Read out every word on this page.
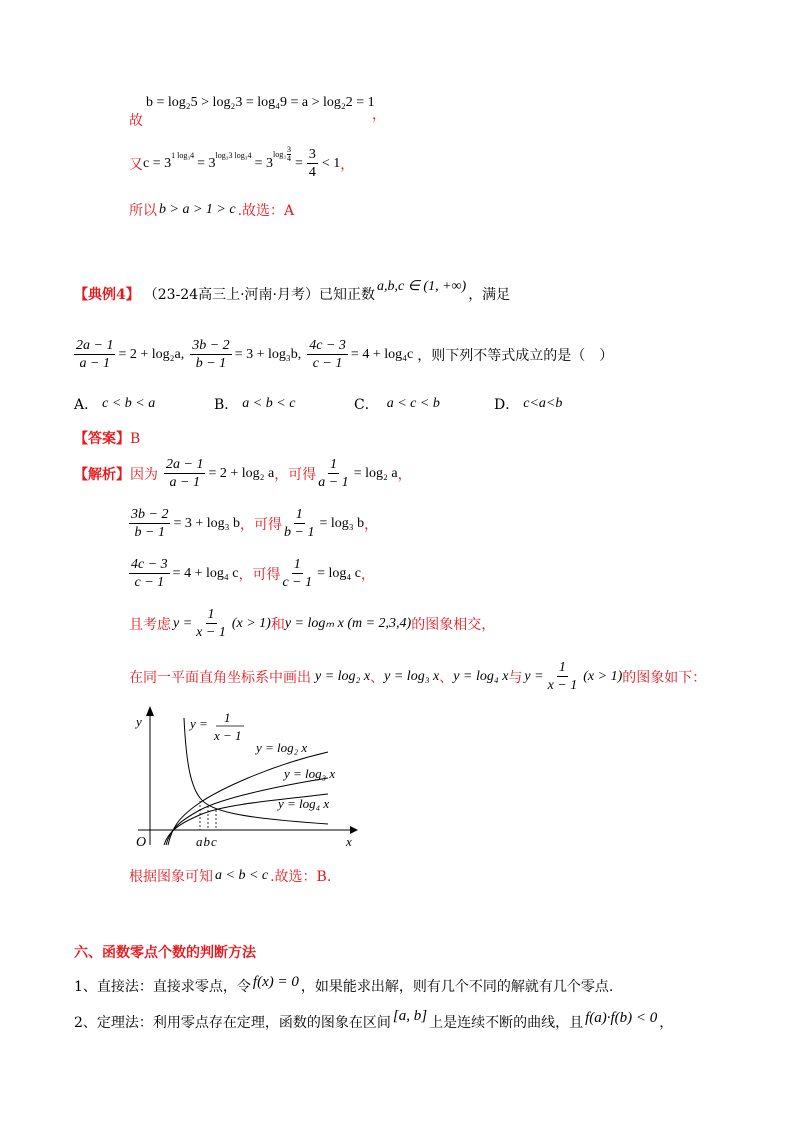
故
b = log₂5 > log₂3 = log₄9 = a > log₂2 = 1
，
又 c = 3 1 log₃4 = 3 log₃3 log₃4 = 3
$\log_3 \frac{3}{4} = \frac{3}{4} < 1$ ，
所以 b > a > 1 > c .故选：A
【典例4】 （23-24高三上·河南·月考）已知正数
a,b,c ∈ (1, +∞)
，满足
$\frac{2a - 1}{a - 1} = 2 + \log_2a$, $\frac{3b - 2}{b - 1} = 3 + \log_3b$, $\frac{4c - 3}{c - 1} = 4 + \log_4c$ ，则下列不等式成立的是（　）
A． c < b < a	B． a < b < c	C． a < c < b	D． c<a<b
【答案】B
【解析】 因为 $\frac{2a - 1}{a - 1} = 2 + \log_2$ a ，可得 $\frac{1}{a - 1} = \log_2$ a ，
$\frac{3b - 2}{b - 1} = 3 + \log_3$ b ，可得 $\frac{1}{b - 1} = \log_3$ b ，
$\frac{4c - 3}{c - 1} = 4 + \log_4$ c ，可得 $\frac{1}{c - 1} = \log_4$ c ，
且考虑 $y = \frac{1}{x - 1} (x > 1)$ 和 y = logₘ x (m = 2,3,4) 的图象相交，
在同一平面直角坐标系中画出 y = log₂ x 、 y = log₃ x 、 y = log₄ x 与 $y = \frac{1}{x - 1} (x > 1)$ 的图象如下：
y
x
O	abc
y = 1
x − 1
y = log₂ x
y = log₃ x
y = log₄ x
根据图象可知 a < b < c .故选：B.
六、函数零点个数的判断方法
1、直接法：直接求零点，令 f(x) = 0 ，如果能求出解，则有几个不同的解就有几个零点.
2、定理法：利用零点存在定理，函数的图象在区间 [a, b] 上是连续不断的曲线，且 f(a)·f(b) < 0 ，
